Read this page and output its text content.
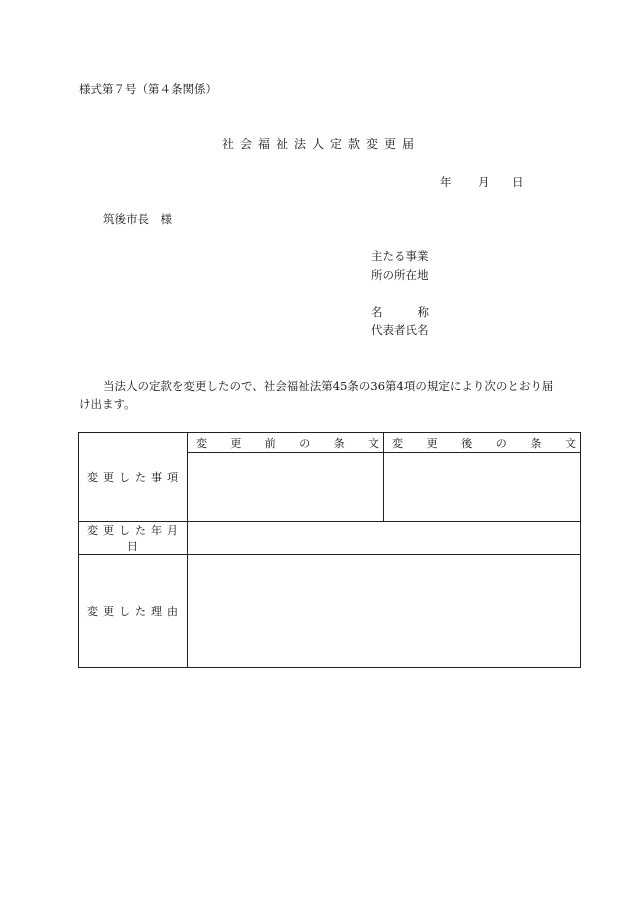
様式第７号（第４条関係）
社会福祉法人定款変更届
年 月 日
筑後市長　様
主たる事業
所の所在地
名　　称
代表者氏名
当法人の定款を変更したので、社会福祉法第45条の36第4項の規定により次のとおり届け出ます。
変更した事項	変更前の条文	変更後の条文

変更した年月日		
変更した理由		
